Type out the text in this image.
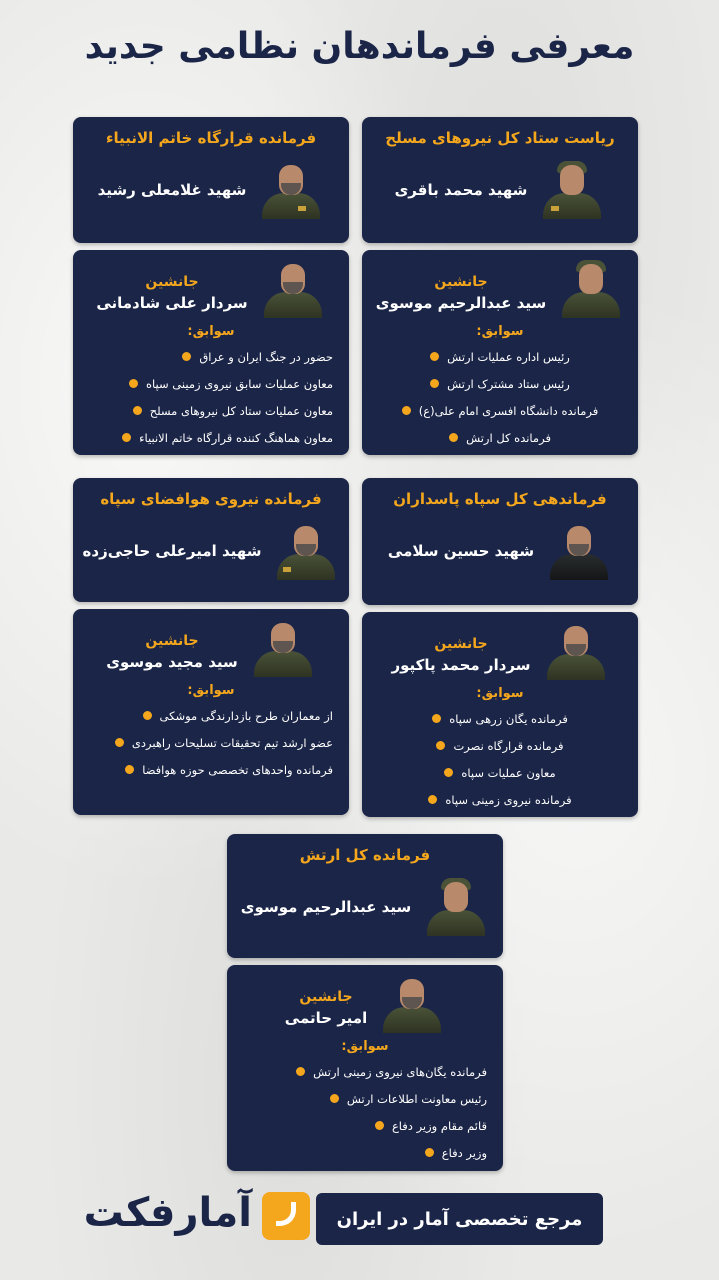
معرفی فرماندهان نظامی جدید
ریاست ستاد کل نیروهای مسلح
شهید محمد باقری
جانشین
سید عبدالرحیم موسوی
سوابق:
رئیس اداره عملیات ارتش
رئیس ستاد مشترک ارتش
فرمانده دانشگاه افسری امام علی(ع)
فرمانده کل ارتش
فرمانده قرارگاه خاتم الانبیاء
شهید غلامعلی رشید
جانشین
سردار علی شادمانی
سوابق:
حضور در جنگ ایران و عراق
معاون عملیات سابق نیروی زمینی سپاه
معاون عملیات ستاد کل نیروهای مسلح
معاون هماهنگ کننده قرارگاه خاتم الانبیاء
فرماندهی کل سپاه پاسداران
شهید حسین سلامی
جانشین
سردار محمد پاکپور
سوابق:
فرمانده یگان زرهی سپاه
فرمانده قرارگاه نصرت
معاون عملیات سپاه
فرمانده نیروی زمینی سپاه
فرمانده نیروی هوافضای سپاه
شهید امیرعلی حاجی‌زده
جانشین
سید مجید موسوی
سوابق:
از معماران طرح بازدارندگی موشکی
عضو ارشد تیم تحقیقات تسلیحات راهبردی
فرمانده واحدهای تخصصی حوزه هوافضا
فرمانده کل ارتش
سید عبدالرحیم موسوی
جانشین
امیر حاتمی
سوابق:
فرمانده یگان‌های نیروی زمینی ارتش
رئیس معاونت اطلاعات ارتش
قائم مقام وزیر دفاع
وزیر دفاع
آمارفکت	مرجع تخصصی آمار در ایران
